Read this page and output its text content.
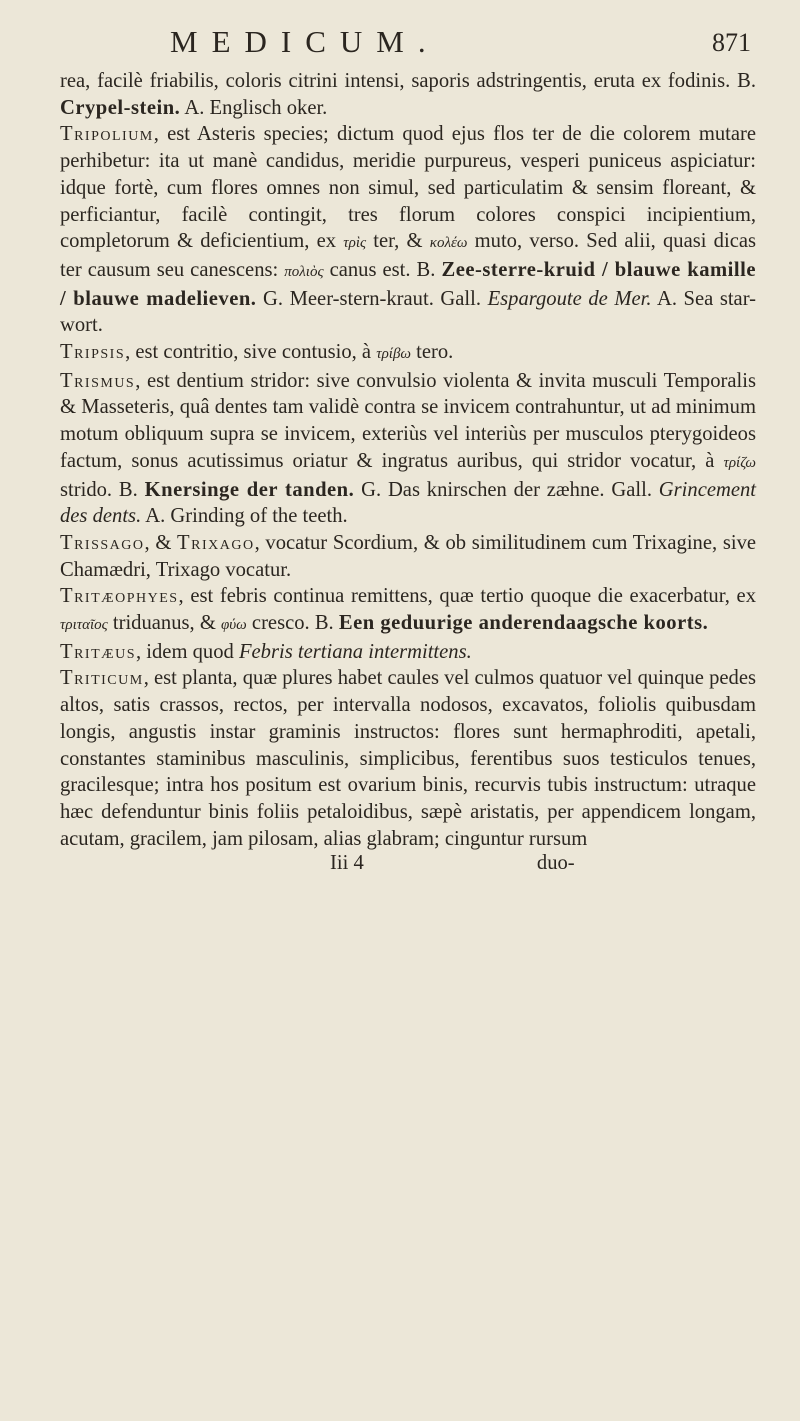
MEDICUM.	871

rea, facilè friabilis, coloris citrini intensi, saporis adstringentis, eruta ex fodinis. B. Crypel-stein. A. Englisch oker.

Tripolium, est Asteris species; dictum quod ejus flos ter de die colorem mutare perhibetur: ita ut manè candidus, meridie purpureus, vesperi puniceus aspiciatur: idque fortè, cum flores omnes non simul, sed particulatim & sensim floreant, & perficiantur, facilè contingit, tres florum colores conspici incipientium, completorum & deficientium, ex τρὶς ter, & κολέω muto, verso. Sed alii, quasi dicas ter causum seu canescens: πολιὸς canus est. B. Zee-sterre-kruid / blauwe kamille / blauwe madelieven. G. Meer-stern-kraut. Gall. Espargoute de Mer. A. Sea star-wort.

Tripsis, est contritio, sive contusio, à τρίβω tero.

Trismus, est dentium stridor: sive convulsio violenta & invita musculi Temporalis & Masseteris, quâ dentes tam validè contra se invicem contrahuntur, ut ad minimum motum obliquum supra se invicem, exteriùs vel interiùs per musculos pterygoideos factum, sonus acutissimus oriatur & ingratus auribus, qui stridor vocatur, à τρίζω strido. B. Knersinge der tanden. G. Das knirschen der zæhne. Gall. Grincement des dents. A. Grinding of the teeth.

Trissago, & Trixago, vocatur Scordium, & ob similitudinem cum Trixagine, sive Chamædri, Trixago vocatur.

Tritæophyes, est febris continua remittens, quæ tertio quoque die exacerbatur, ex τριταῖος triduanus, & φύω cresco. B. Een geduurige anderendaagsche koorts.

Tritæus, idem quod Febris tertiana intermittens.

Triticum, est planta, quæ plures habet caules vel culmos quatuor vel quinque pedes altos, satis crassos, rectos, per intervalla nodosos, excavatos, foliolis quibusdam longis, angustis instar graminis instructos: flores sunt hermaphroditi, apetali, constantes staminibus masculinis, simplicibus, ferentibus suos testiculos tenues, gracilesque; intra hos positum est ovarium binis, recurvis tubis instructum: utraque hæc defenduntur binis foliis petaloidibus, sæpè aristatis, per appendicem longam, acutam, gracilem, jam pilosam, alias glabram; cinguntur rursum

Iii 4	duo-
